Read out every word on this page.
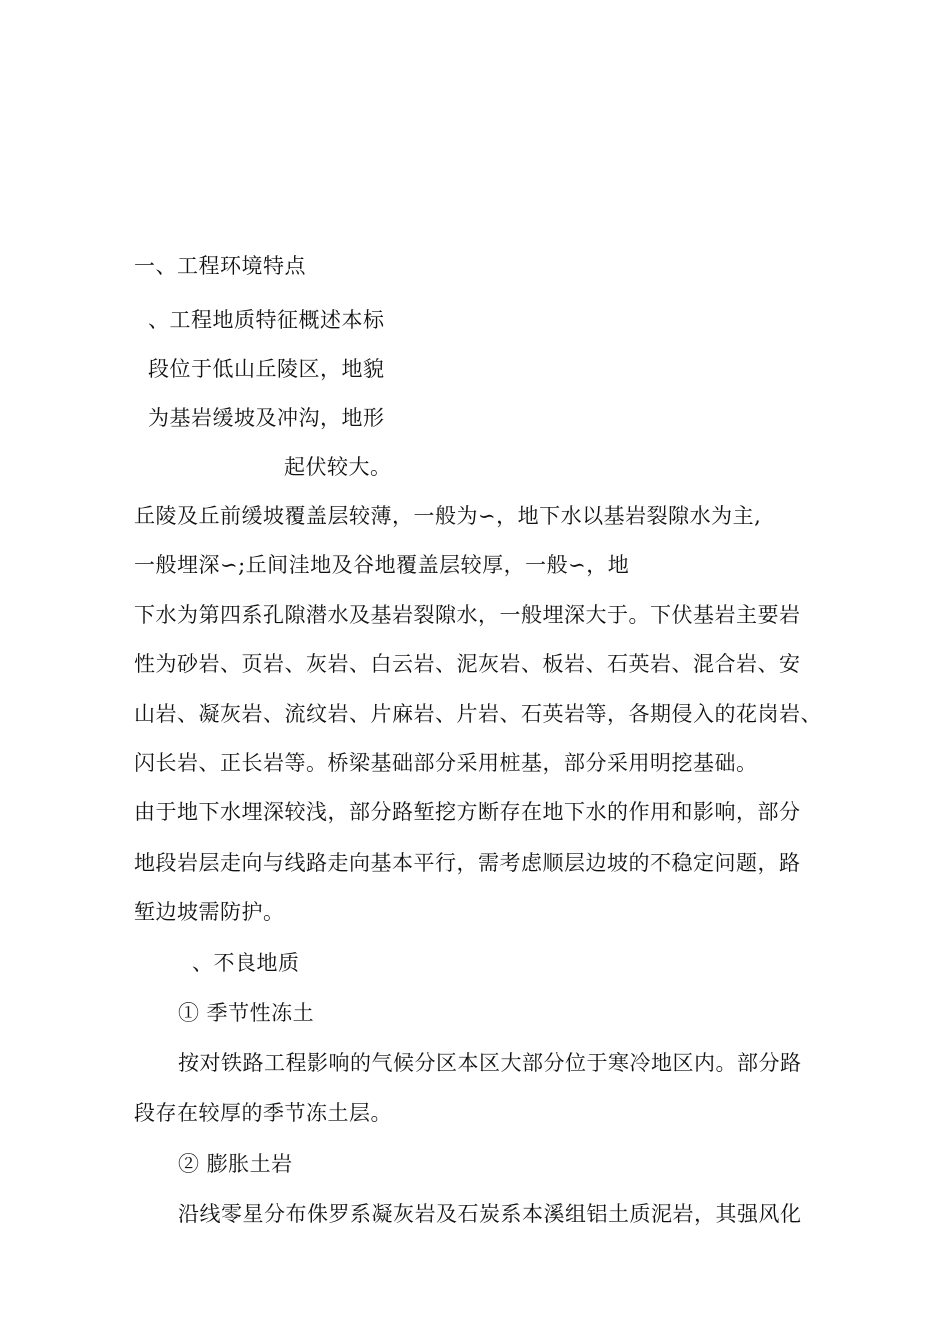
一、工程环境特点
、工程地质特征概述本标
段位于低山丘陵区，地貌
为基岩缓坡及冲沟，地形
起伏较大。
丘陵及丘前缓坡覆盖层较薄，一般为∽，地下水以基岩裂隙水为主,
一般埋深∽;丘间洼地及谷地覆盖层较厚，一般∽，地
下水为第四系孔隙潜水及基岩裂隙水，一般埋深大于。下伏基岩主要岩
性为砂岩、页岩、灰岩、白云岩、泥灰岩、板岩、石英岩、混合岩、安
山岩、凝灰岩、流纹岩、片麻岩、片岩、石英岩等，各期侵入的花岗岩、
闪长岩、正长岩等。桥梁基础部分采用桩基，部分采用明挖基础。
由于地下水埋深较浅，部分路堑挖方断存在地下水的作用和影响，部分
地段岩层走向与线路走向基本平行，需考虑顺层边坡的不稳定问题，路
堑边坡需防护。
、不良地质
① 季节性冻土
按对铁路工程影响的气候分区本区大部分位于寒冷地区内。部分路
段存在较厚的季节冻土层。
② 膨胀土岩
沿线零星分布侏罗系凝灰岩及石炭系本溪组铝土质泥岩，其强风化
